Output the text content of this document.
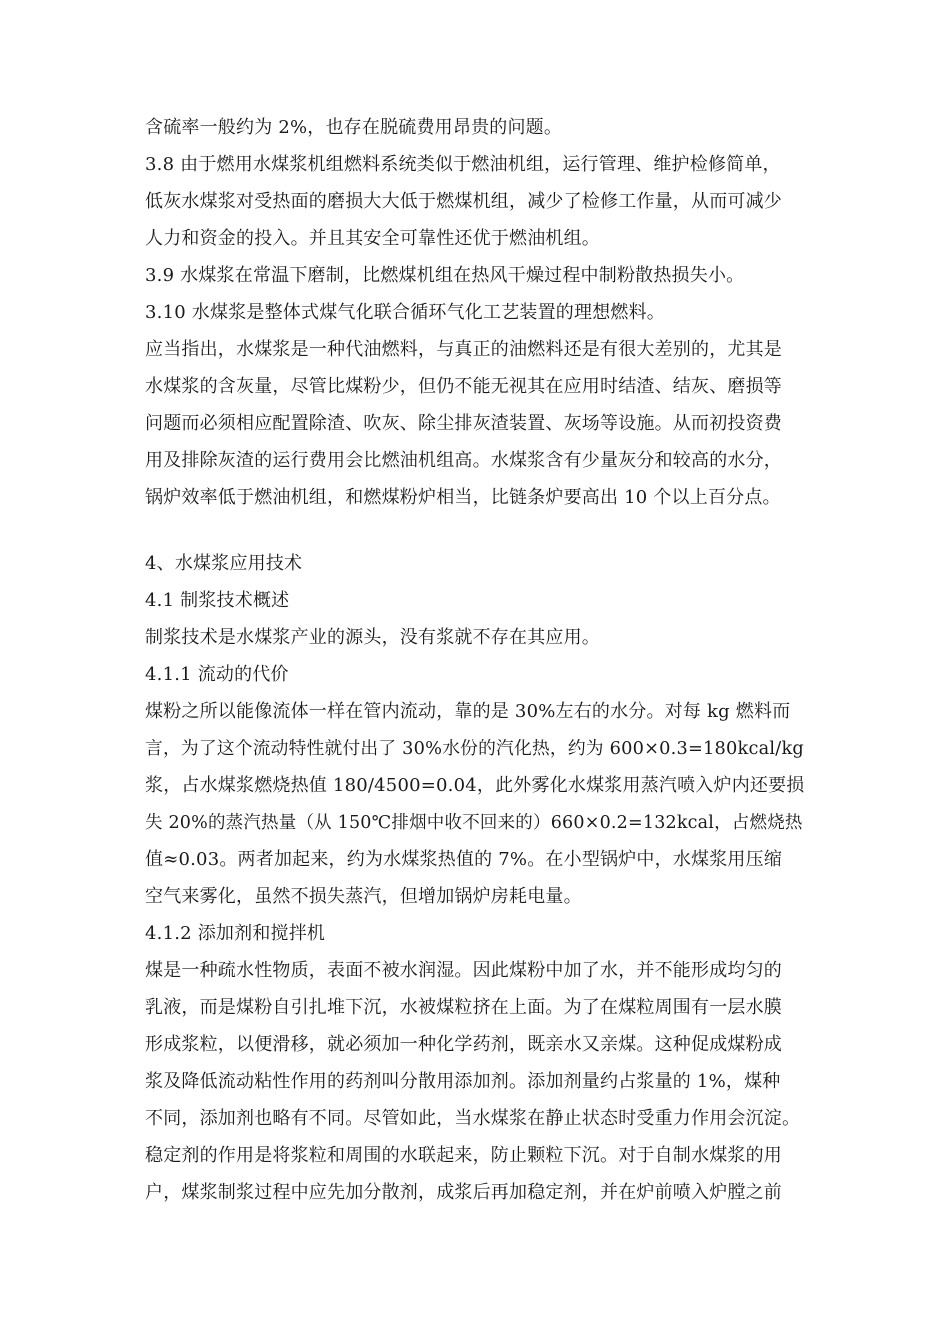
含硫率一般约为 2%，也存在脱硫费用昂贵的问题。
3.8 由于燃用水煤浆机组燃料系统类似于燃油机组，运行管理、维护检修简单，
低灰水煤浆对受热面的磨损大大低于燃煤机组，减少了检修工作量，从而可减少
人力和资金的投入。并且其安全可靠性还优于燃油机组。
3.9 水煤浆在常温下磨制，比燃煤机组在热风干燥过程中制粉散热损失小。
3.10 水煤浆是整体式煤气化联合循环气化工艺装置的理想燃料。
应当指出，水煤浆是一种代油燃料，与真正的油燃料还是有很大差别的，尤其是
水煤浆的含灰量，尽管比煤粉少，但仍不能无视其在应用时结渣、结灰、磨损等
问题而必须相应配置除渣、吹灰、除尘排灰渣装置、灰场等设施。从而初投资费
用及排除灰渣的运行费用会比燃油机组高。水煤浆含有少量灰分和较高的水分，
锅炉效率低于燃油机组，和燃煤粉炉相当，比链条炉要高出 10 个以上百分点。
4、水煤浆应用技术
4.1 制浆技术概述
制浆技术是水煤浆产业的源头，没有浆就不存在其应用。
4.1.1 流动的代价
煤粉之所以能像流体一样在管内流动，靠的是 30%左右的水分。对每 kg 燃料而
言，为了这个流动特性就付出了 30%水份的汽化热，约为 600×0.3=180kcal/kg
浆，占水煤浆燃烧热值 180/4500=0.04，此外雾化水煤浆用蒸汽喷入炉内还要损
失 20%的蒸汽热量（从 150℃排烟中收不回来的）660×0.2=132kcal，占燃烧热
值≈0.03。两者加起来，约为水煤浆热值的 7%。在小型锅炉中，水煤浆用压缩
空气来雾化，虽然不损失蒸汽，但增加锅炉房耗电量。
4.1.2 添加剂和搅拌机
煤是一种疏水性物质，表面不被水润湿。因此煤粉中加了水，并不能形成均匀的
乳液，而是煤粉自引扎堆下沉，水被煤粒挤在上面。为了在煤粒周围有一层水膜
形成浆粒，以便滑移，就必须加一种化学药剂，既亲水又亲煤。这种促成煤粉成
浆及降低流动粘性作用的药剂叫分散用添加剂。添加剂量约占浆量的 1%，煤种
不同，添加剂也略有不同。尽管如此，当水煤浆在静止状态时受重力作用会沉淀。
稳定剂的作用是将浆粒和周围的水联起来，防止颗粒下沉。对于自制水煤浆的用
户，煤浆制浆过程中应先加分散剂，成浆后再加稳定剂，并在炉前喷入炉膛之前
